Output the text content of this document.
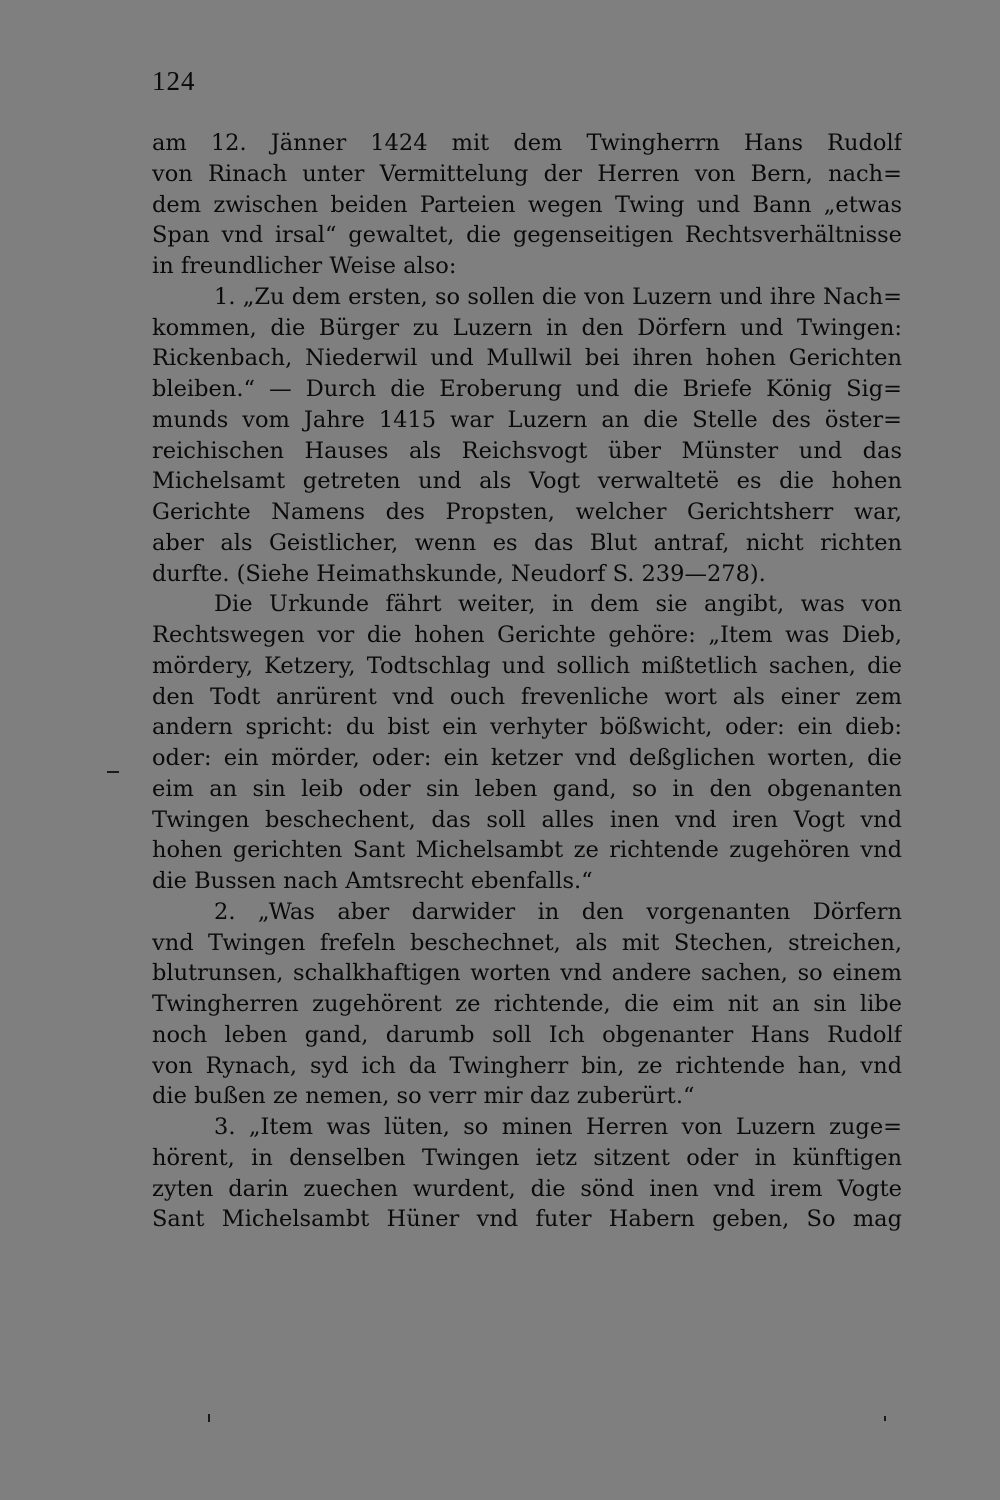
124
am 12. Jänner 1424 mit dem Twingherrn Hans Rudolf
von Rinach unter Vermittelung der Herren von Bern, nach=
dem zwischen beiden Parteien wegen Twing und Bann „etwas
Span vnd irsal“ gewaltet, die gegenseitigen Rechtsverhältnisse
in freundlicher Weise also:
1. „Zu dem ersten, so sollen die von Luzern und ihre Nach=
kommen, die Bürger zu Luzern in den Dörfern und Twingen:
Rickenbach, Niederwil und Mullwil bei ihren hohen Gerichten
bleiben.“ — Durch die Eroberung und die Briefe König Sig=
munds vom Jahre 1415 war Luzern an die Stelle des öster=
reichischen Hauses als Reichsvogt über Münster und das
Michelsamt getreten und als Vogt verwaltetë es die hohen
Gerichte Namens des Propsten, welcher Gerichtsherr war,
aber als Geistlicher, wenn es das Blut antraf, nicht richten
durfte. (Siehe Heimathskunde, Neudorf S. 239—278).
Die Urkunde fährt weiter, in dem sie angibt, was von
Rechtswegen vor die hohen Gerichte gehöre: „Item was Dieb,
mördery, Ketzery, Todtschlag und sollich mißtetlich sachen, die
den Todt anrürent vnd ouch frevenliche wort als einer zem
andern spricht: du bist ein verhyter bößwicht, oder: ein dieb:
oder: ein mörder, oder: ein ketzer vnd deßglichen worten, die
eim an sin leib oder sin leben gand, so in den obgenanten
Twingen beschechent, das soll alles inen vnd iren Vogt vnd
hohen gerichten Sant Michelsambt ze richtende zugehören vnd
die Bussen nach Amtsrecht ebenfalls.“
2. „Was aber darwider in den vorgenanten Dörfern
vnd Twingen frefeln beschechnet, als mit Stechen, streichen,
blutrunsen, schalkhaftigen worten vnd andere sachen, so einem
Twingherren zugehörent ze richtende, die eim nit an sin libe
noch leben gand, darumb soll Ich obgenanter Hans Rudolf
von Rynach, syd ich da Twingherr bin, ze richtende han, vnd
die bußen ze nemen, so verr mir daz zuberürt.“
3. „Item was lüten, so minen Herren von Luzern zuge=
hörent, in denselben Twingen ietz sitzent oder in künftigen
zyten darin zuechen wurdent, die sönd inen vnd irem Vogte
Sant Michelsambt Hüner vnd futer Habern geben, So mag
